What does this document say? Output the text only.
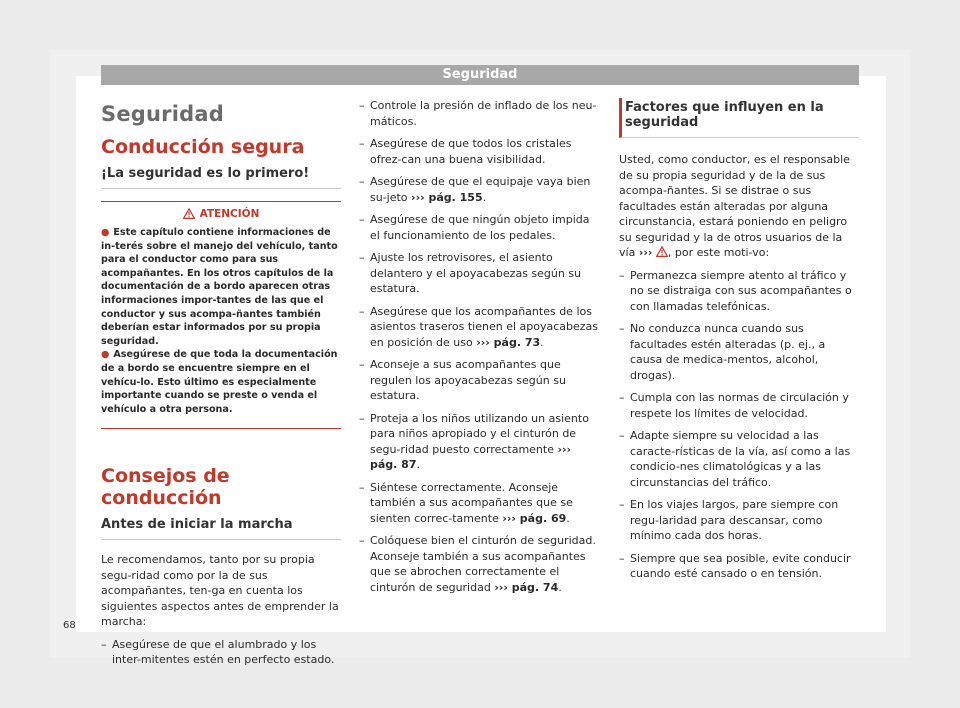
Seguridad
Seguridad
Conducción segura
¡La seguridad es lo primero!
ATENCIÓN
● Este capítulo contiene informaciones de in-terés sobre el manejo del vehículo, tanto para el conductor como para sus acompañantes. En los otros capítulos de la documentación de a bordo aparecen otras informaciones impor-tantes de las que el conductor y sus acompa-ñantes también deberían estar informados por su propia seguridad.
● Asegúrese de que toda la documentación de a bordo se encuentre siempre en el vehícu-lo. Esto último es especialmente importante cuando se preste o venda el vehículo a otra persona.
Consejos de conducción
Antes de iniciar la marcha

Le recomendamos, tanto por su propia segu-ridad como por la de sus acompañantes, ten-ga en cuenta los siguientes aspectos antes de emprender la marcha:

– Asegúrese de que el alumbrado y los inter-mitentes estén en perfecto estado.
– Controle la presión de inflado de los neu-máticos.
– Asegúrese de que todos los cristales ofrez-can una buena visibilidad.
– Asegúrese de que el equipaje vaya bien su-jeto ››› pág. 155.
– Asegúrese de que ningún objeto impida el funcionamiento de los pedales.
– Ajuste los retrovisores, el asiento delantero y el apoyacabezas según su estatura.
– Asegúrese que los acompañantes de los asientos traseros tienen el apoyacabezas en posición de uso ››› pág. 73.
– Aconseje a sus acompañantes que regulen los apoyacabezas según su estatura.
– Proteja a los niños utilizando un asiento para niños apropiado y el cinturón de segu-ridad puesto correctamente ››› pág. 87.
– Siéntese correctamente. Aconseje también a sus acompañantes que se sienten correc-tamente ››› pág. 69.
– Colóquese bien el cinturón de seguridad. Aconseje también a sus acompañantes que se abrochen correctamente el cinturón de seguridad ››› pág. 74.
Factores que influyen en la seguridad

Usted, como conductor, es el responsable de su propia seguridad y de la de sus acompa-ñantes. Si se distrae o sus facultades están alteradas por alguna circunstancia, estará poniendo en peligro su seguridad y la de otros usuarios de la vía ››› , por este moti-vo:

– Permanezca siempre atento al tráfico y no se distraiga con sus acompañantes o con llamadas telefónicas.
– No conduzca nunca cuando sus facultades estén alteradas (p. ej., a causa de medica-mentos, alcohol, drogas).
– Cumpla con las normas de circulación y respete los límites de velocidad.
– Adapte siempre su velocidad a las caracte-rísticas de la vía, así como a las condicio-nes climatológicas y a las circunstancias del tráfico.
– En los viajes largos, pare siempre con regu-laridad para descansar, como mínimo cada dos horas.
– Siempre que sea posible, evite conducir cuando esté cansado o en tensión.
68
